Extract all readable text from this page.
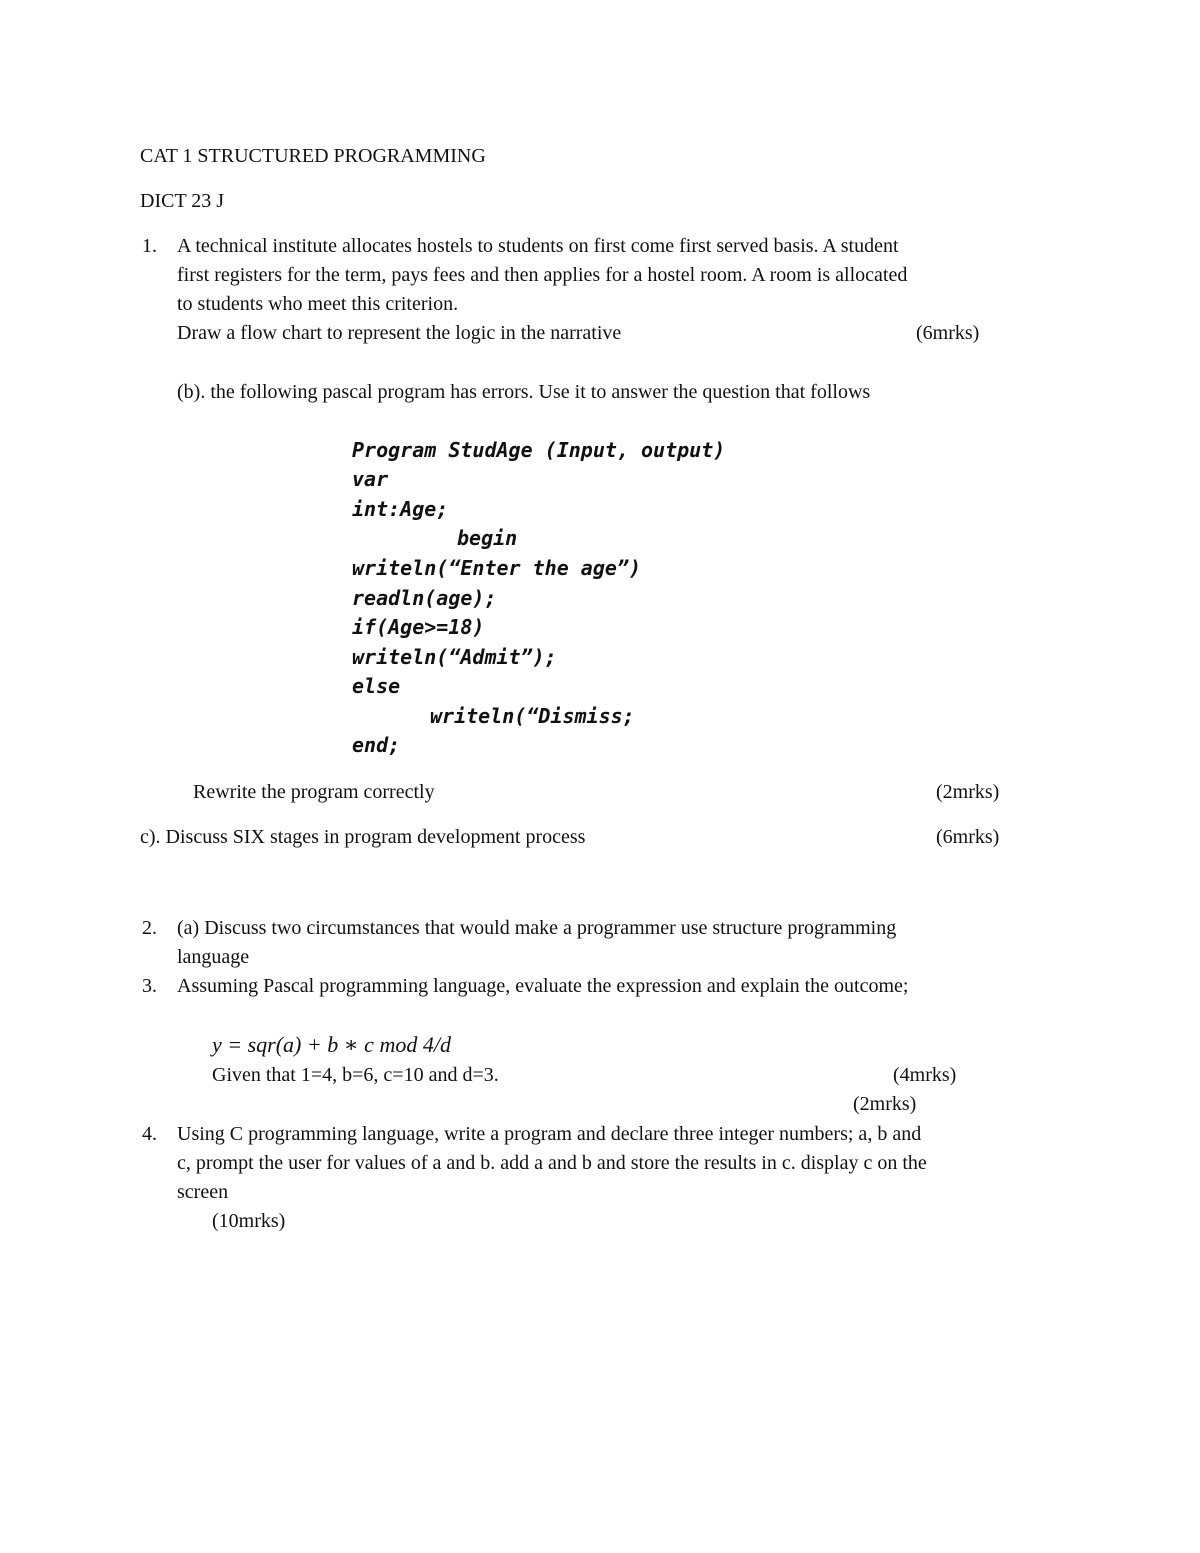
CAT 1 STRUCTURED PROGRAMMING
DICT 23 J
1. A technical institute allocates hostels to students on first come first served basis. A student
first registers for the term, pays fees and then applies for a hostel room. A room is allocated
to students who meet this criterion.
Draw a flow chart to represent the logic in the narrative	(6mrks)
(b). the following pascal program has errors. Use it to answer the question that follows
Program StudAge (Input, output)
var
int:Age;
begin
writeln(“Enter the age”)
readln(age);
if(Age>=18)
writeln(“Admit”);
else
writeln(“Dismiss;
end;
Rewrite the program correctly	(2mrks)
c). Discuss SIX stages in program development process	(6mrks)
2. (a) Discuss two circumstances that would make a programmer use structure programming
language
3. Assuming Pascal programming language, evaluate the expression and explain the outcome;
y = sqr(a) + b ∗ c mod 4/d
Given that 1=4, b=6, c=10 and d=3.	(4mrks)
(2mrks)
4. Using C programming language, write a program and declare three integer numbers; a, b and
c, prompt the user for values of a and b. add a and b and store the results in c. display c on the
screen
(10mrks)
